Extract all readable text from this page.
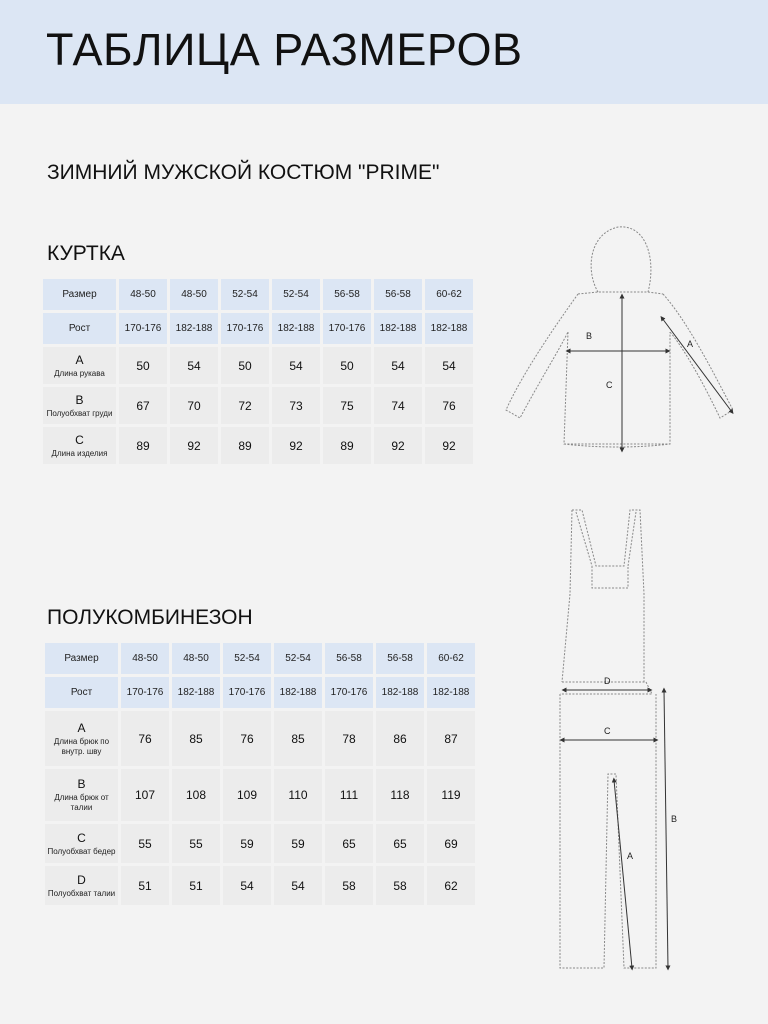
ТАБЛИЦА РАЗМЕРОВ

ЗИМНИЙ МУЖСКОЙ КОСТЮМ "PRIME"

КУРТКА

Размер	48-50	48-50	52-54	52-54	56-58	56-58	60-62
Рост	170-176	182-188	170-176	182-188	170-176	182-188	182-188

A
Длина рукава	50	54	50	54	50	54	54

B
Полуобхват груди	67	70	72	73	75	74	76

C
Длина изделия	89	92	89	92	89	92	92
B
C
A

ПОЛУКОМБИНЕЗОН

Размер	48-50	48-50	52-54	52-54	56-58	56-58	60-62
Рост	170-176	182-188	170-176	182-188	170-176	182-188	182-188

A
Длина брюк по внутр. шву	76	85	76	85	78	86	87

B
Длина брюк от талии	107	108	109	110	111	118	119

C
Полуобхват бедер	55	55	59	59	65	65	69

D
Полуобхват талии	51	51	54	54	58	58	62
D
C
B
A
